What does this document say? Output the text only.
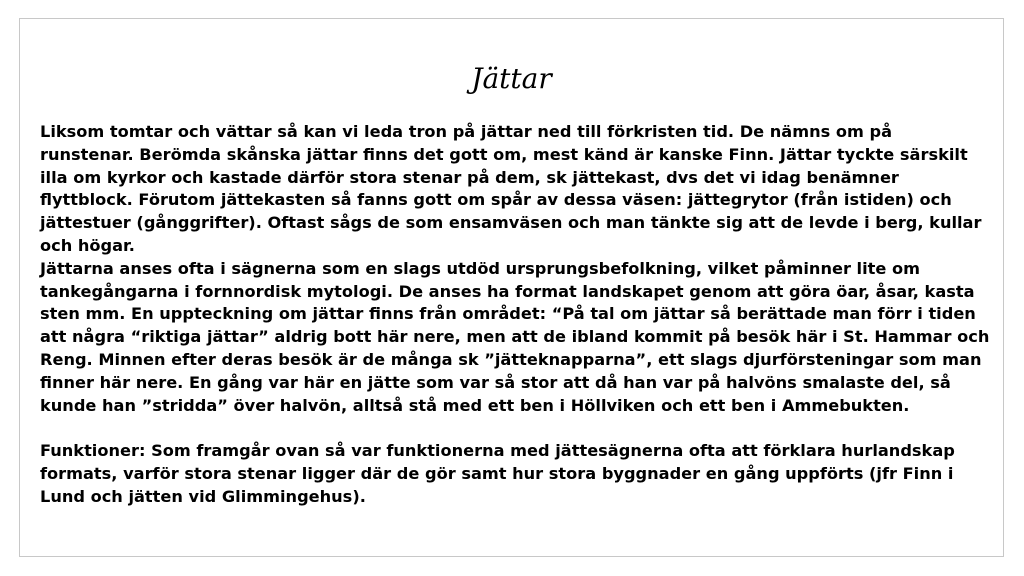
Jättar

Liksom tomtar och vättar så kan vi leda tron på jättar ned till förkristen tid. De nämns om på runstenar. Berömda skånska jättar finns det gott om, mest känd är kanske Finn. Jättar tyckte särskilt illa om kyrkor och kastade därför stora stenar på dem, sk jättekast, dvs det vi idag benämner flyttblock. Förutom jättekasten så fanns gott om spår av dessa väsen: jättegrytor (från istiden) och jättestuer (gånggrifter). Oftast sågs de som ensamväsen och man tänkte sig att de levde i berg, kullar och högar.

Jättarna anses ofta i sägnerna som en slags utdöd ursprungsbefolkning, vilket påminner lite om tankegångarna i fornnordisk mytologi. De anses ha format landskapet genom att göra öar, åsar, kasta sten mm. En uppteckning om jättar finns från området: “På tal om jättar så berättade man förr i tiden att några “riktiga jättar” aldrig bott här nere, men att de ibland kommit på besök här i St. Hammar och Reng. Minnen efter deras besök är de många sk ”jätteknapparna”, ett slags djurförsteningar som man finner här nere. En gång var här en jätte som var så stor att då han var på halvöns smalaste del, så kunde han ”stridda” över halvön, alltså stå med ett ben i Höllviken och ett ben i Ammebukten.

Funktioner: Som framgår ovan så var funktionerna med jättesägnerna ofta att förklara hurlandskap formats, varför stora stenar ligger där de gör samt hur stora byggnader en gång uppförts (jfr Finn i Lund och jätten vid Glimmingehus).
